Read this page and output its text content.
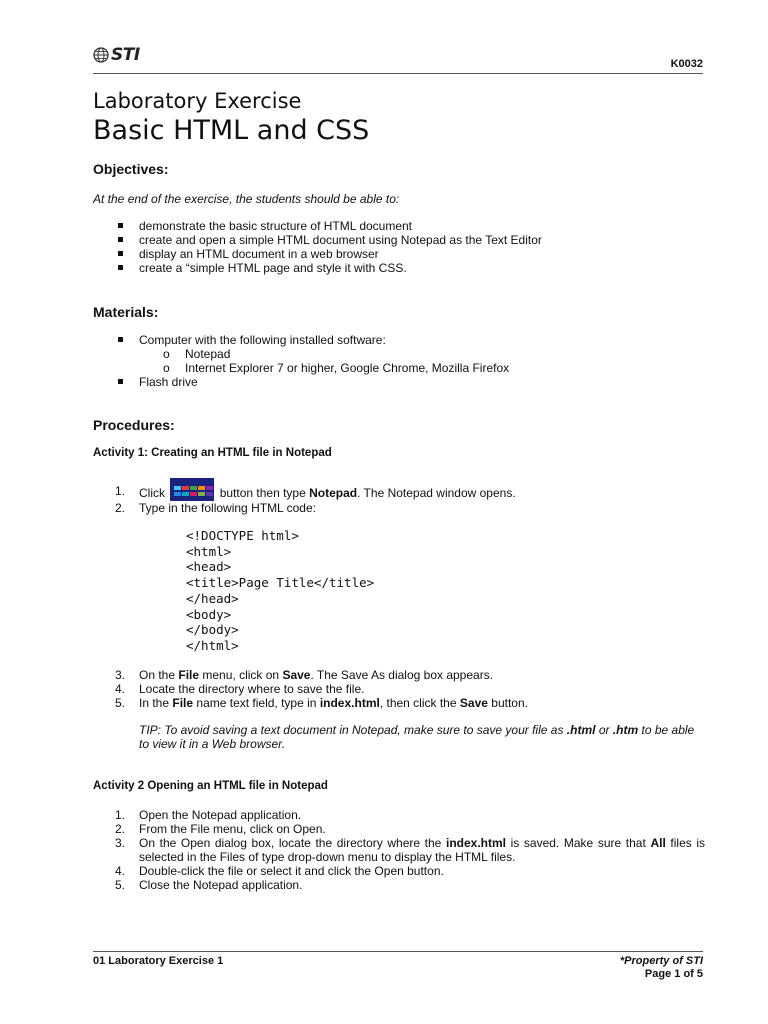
STI	K0032
Laboratory Exercise
Basic HTML and CSS
Objectives:
At the end of the exercise, the students should be able to:
demonstrate the basic structure of HTML document
create and open a simple HTML document using Notepad as the Text Editor
display an HTML document in a web browser
create a “simple HTML page and style it with CSS.
Materials:
Computer with the following installed software:
o Notepad
o Internet Explorer 7 or higher, Google Chrome, Mozilla Firefox
Flash drive
Procedures:
Activity 1: Creating an HTML file in Notepad
1. Click	button then type Notepad. The Notepad window opens.
2. Type in the following HTML code:
<!DOCTYPE html>
<html>
<head>
<title>Page Title</title>
</head>
<body>
</body>
</html>
3. On the File menu, click on Save. The Save As dialog box appears.
4. Locate the directory where to save the file.
5. In the File name text field, type in index.html, then click the Save button.
TIP: To avoid saving a text document in Notepad, make sure to save your file as .html or .htm to be able to view it in a Web browser.
Activity 2 Opening an HTML file in Notepad
1. Open the Notepad application.
2. From the File menu, click on Open.
3. On the Open dialog box, locate the directory where the index.html is saved. Make sure that All files is selected in the Files of type drop-down menu to display the HTML files.
4. Double-click the file or select it and click the Open button.
5. Close the Notepad application.
01 Laboratory Exercise 1	*Property of STI
Page 1 of 5
